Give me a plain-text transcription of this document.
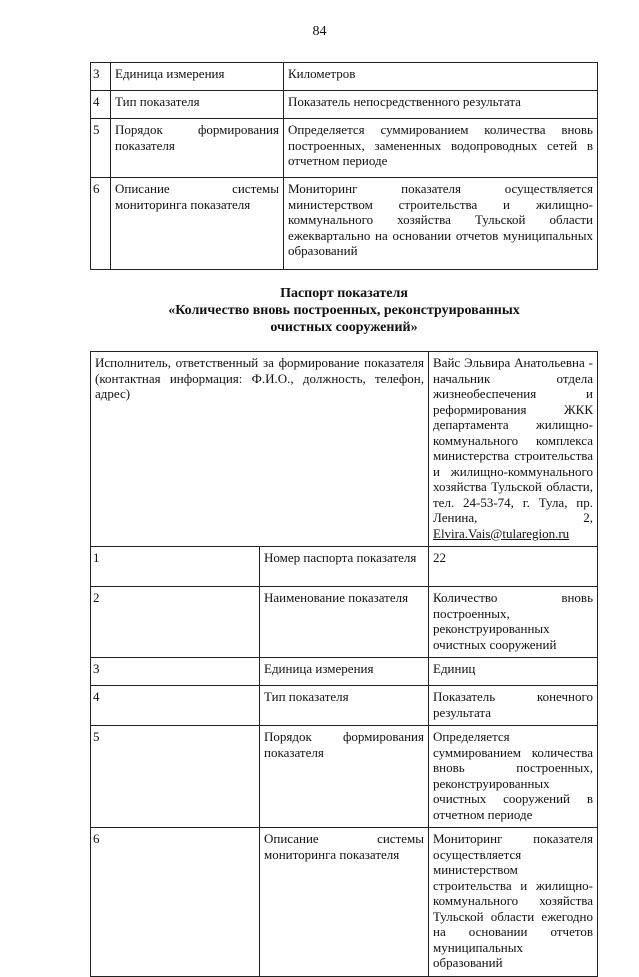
84
3	Единица измерения	Километров
4	Тип показателя	Показатель непосредственного результата
5	Порядок формирования показателя	Определяется суммированием количества вновь построенных, замененных водопроводных сетей в отчетном периоде
6	Описание системы мониторинга показателя	Мониторинг показателя осуществляется министерством строительства и жилищно-коммунального хозяйства Тульской области ежеквартально на основании отчетов муниципальных образований
Паспорт показателя
«Количество вновь построенных, реконструированных
очистных сооружений»
Исполнитель, ответственный за формирование показателя (контактная информация: Ф.И.О., должность, телефон, адрес)		Вайс Эльвира Анатольевна - начальник отдела жизнеобеспечения и реформирования ЖКК департамента жилищно-коммунального комплекса министерства строительства и жилищно-коммунального хозяйства Тульской области, тел. 24-53-74, г. Тула, пр. Ленина, 2, Elvira.Vais@tularegion.ru
1	Номер паспорта показателя	22
2	Наименование показателя	Количество вновь построенных, реконструированных очистных сооружений
3	Единица измерения	Единиц
4	Тип показателя	Показатель конечного результата
5	Порядок формирования показателя	Определяется суммированием количества вновь построенных, реконструированных очистных сооружений в отчетном периоде
6	Описание системы мониторинга показателя	Мониторинг показателя осуществляется министерством строительства и жилищно-коммунального хозяйства Тульской области ежегодно на основании отчетов муниципальных образований
